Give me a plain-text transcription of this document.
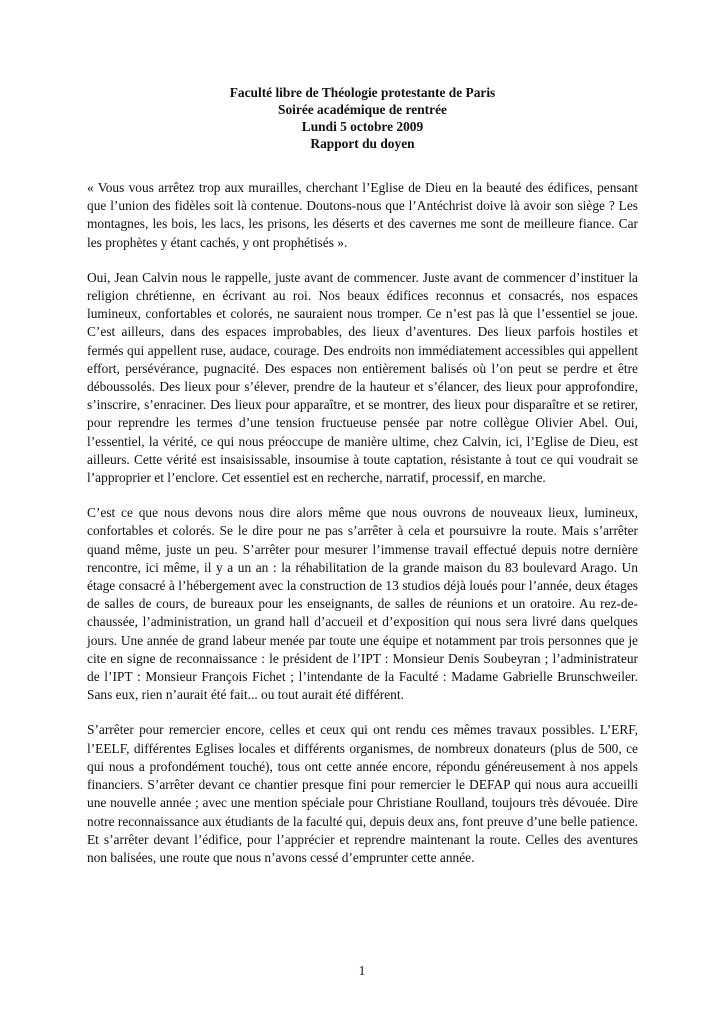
Faculté libre de Théologie protestante de Paris
Soirée académique de rentrée
Lundi 5 octobre 2009
Rapport du doyen

« Vous vous arrêtez trop aux murailles, cherchant l’Eglise de Dieu en la beauté des édifices, pensant que l’union des fidèles soit là contenue. Doutons-nous que l’Antéchrist doive là avoir son siège ? Les montagnes, les bois, les lacs, les prisons, les déserts et des cavernes me sont de meilleure fiance. Car les prophètes y étant cachés, y ont prophétisés ».

Oui, Jean Calvin nous le rappelle, juste avant de commencer. Juste avant de commencer d’instituer la religion chrétienne, en écrivant au roi. Nos beaux édifices reconnus et consacrés, nos espaces lumineux, confortables et colorés, ne sauraient nous tromper. Ce n’est pas là que l’essentiel se joue. C’est ailleurs, dans des espaces improbables, des lieux d’aventures. Des lieux parfois hostiles et fermés qui appellent ruse, audace, courage. Des endroits non immédiatement accessibles qui appellent effort, persévérance, pugnacité. Des espaces non entièrement balisés où l’on peut se perdre et être déboussolés. Des lieux pour s’élever, prendre de la hauteur et s’élancer, des lieux pour approfondire, s’inscrire, s’enraciner. Des lieux pour apparaître, et se montrer, des lieux pour disparaître et se retirer, pour reprendre les termes d’une tension fructueuse pensée par notre collègue Olivier Abel. Oui, l’essentiel, la vérité, ce qui nous préoccupe de manière ultime, chez Calvin, ici, l’Eglise de Dieu, est ailleurs. Cette vérité est insaisissable, insoumise à toute captation, résistante à tout ce qui voudrait se l’approprier et l’enclore. Cet essentiel est en recherche, narratif, processif, en marche.

C’est ce que nous devons nous dire alors même que nous ouvrons de nouveaux lieux, lumineux, confortables et colorés. Se le dire pour ne pas s’arrêter à cela et poursuivre la route. Mais s’arrêter quand même, juste un peu. S’arrêter pour mesurer l’immense travail effectué depuis notre dernière rencontre, ici même, il y a un an : la réhabilitation de la grande maison du 83 boulevard Arago. Un étage consacré à l’hébergement avec la construction de 13 studios déjà loués pour l’année, deux étages de salles de cours, de bureaux pour les enseignants, de salles de réunions et un oratoire. Au rez-de-chaussée, l’administration, un grand hall d’accueil et d’exposition qui nous sera livré dans quelques jours. Une année de grand labeur menée par toute une équipe et notamment par trois personnes que je cite en signe de reconnaissance : le président de l’IPT : Monsieur Denis Soubeyran ; l’administrateur de l’IPT : Monsieur François Fichet ; l’intendante de la Faculté : Madame Gabrielle Brunschweiler. Sans eux, rien n’aurait été fait... ou tout aurait été différent.

S’arrêter pour remercier encore, celles et ceux qui ont rendu ces mêmes travaux possibles. L’ERF, l’EELF, différentes Eglises locales et différents organismes, de nombreux donateurs (plus de 500, ce qui nous a profondément touché), tous ont cette année encore, répondu généreusement à nos appels financiers. S’arrêter devant ce chantier presque fini pour remercier le DEFAP qui nous aura accueilli une nouvelle année ; avec une mention spéciale pour Christiane Roulland, toujours très dévouée. Dire notre reconnaissance aux étudiants de la faculté qui, depuis deux ans, font preuve d’une belle patience. Et s’arrêter devant l’édifice, pour l’apprécier et reprendre maintenant la route. Celles des aventures non balisées, une route que nous n’avons cessé d’emprunter cette année.

1
